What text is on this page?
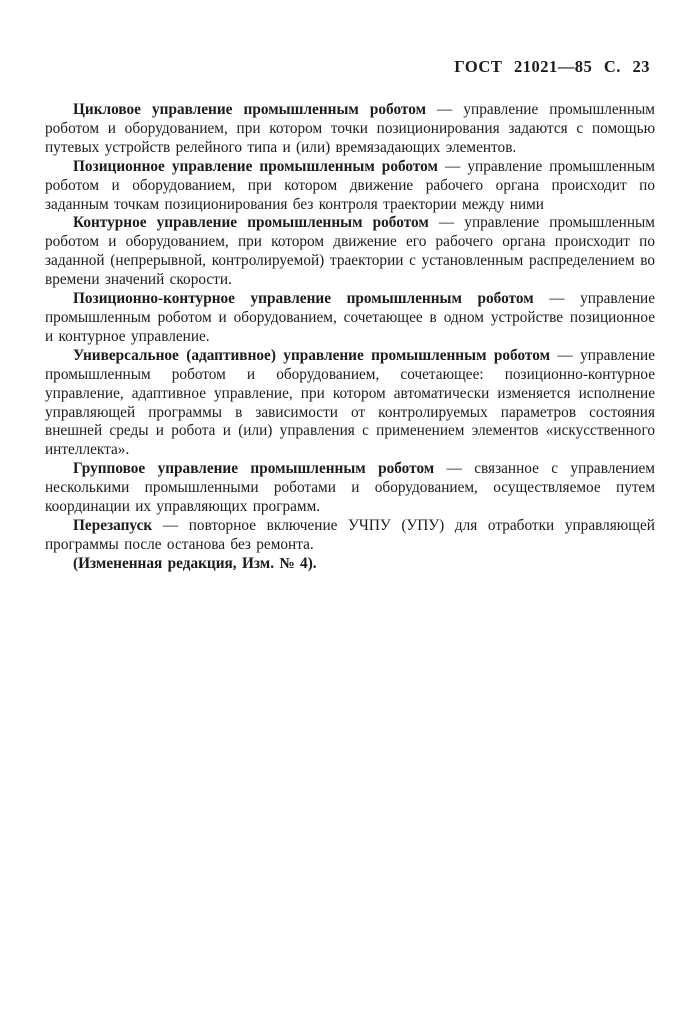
ГОСТ 21021—85 С. 23

Цикловое управление промышленным роботом — управление промышленным роботом и оборудованием, при котором точки позиционирования задаются с помощью путевых устройств релейного типа и (или) времязадающих элементов.

Позиционное управление промышленным роботом — управление промышленным роботом и оборудованием, при котором движение рабочего органа происходит по заданным точкам позиционирования без контроля траектории между ними

Контурное управление промышленным роботом — управление промышленным роботом и оборудованием, при котором движение его рабочего органа происходит по заданной (непрерывной, контролируемой) траектории с установленным распределением во времени значений скорости.

Позиционно-контурное управление промышленным роботом — управление промышленным роботом и оборудованием, сочетающее в одном устройстве позиционное и контурное управление.

Универсальное (адаптивное) управление промышленным роботом — управление промышленным роботом и оборудованием, сочетающее: позиционно-контурное управление, адаптивное управление, при котором автоматически изменяется исполнение управляющей программы в зависимости от контролируемых параметров состояния внешней среды и робота и (или) управления с применением элементов «искусственного интеллекта».

Групповое управление промышленным роботом — связанное с управлением несколькими промышленными роботами и оборудованием, осуществляемое путем координации их управляющих программ.

Перезапуск — повторное включение УЧПУ (УПУ) для отработки управляющей программы после останова без ремонта.

(Измененная редакция, Изм. № 4).
